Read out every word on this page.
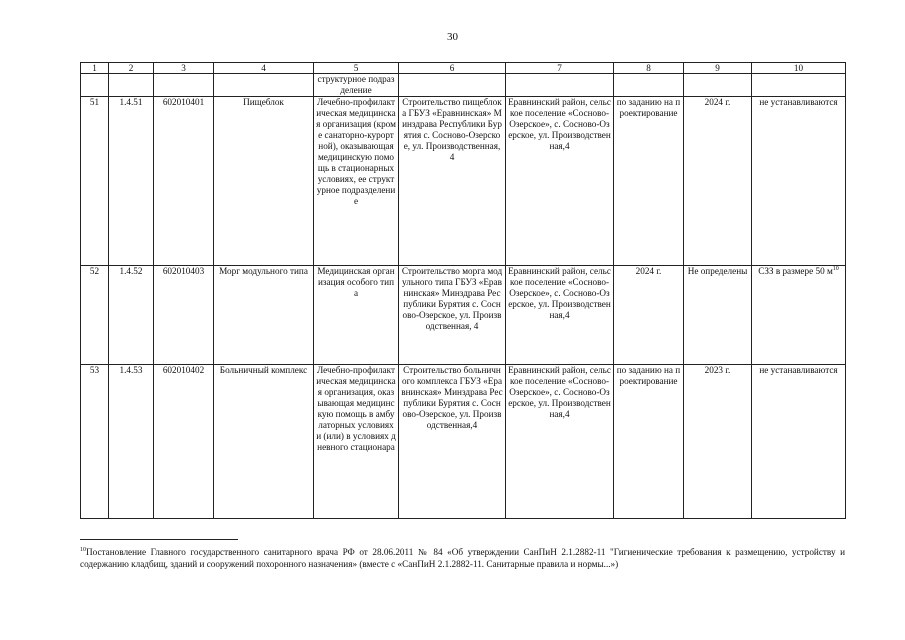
30
1	2	3	4	5	6	7	8	9	10
				структурное подразделение					
51	1.4.51	602010401	Пищеблок	Лечебно-профилактическая медицинская организация (кроме санаторно-курортной), оказывающая медицинскую помощь в стационарных условиях, ее структурное подразделение	Строительство пищеблока ГБУЗ «Еравнинская» Минздрава Республики Бурятия с. Сосново-Озерское, ул. Производственная, 4	Еравнинский район, сельское поселение «Сосново-Озерское», с. Сосново-Озерское, ул. Производственная,4	по заданию на проектирование	2024 г.	не устанавливаются
52	1.4.52	602010403	Морг модульного типа	Медицинская организация особого типа	Строительство морга модульного типа ГБУЗ «Еравнинская» Минздрава Республики Бурятия с. Сосново-Озерское, ул. Производственная, 4	Еравнинский район, сельское поселение «Сосново-Озерское», с. Сосново-Озерское, ул. Производственная,4	2024 г.	Не определены	СЗЗ в размере 50 $м^{10}$
53	1.4.53	602010402	Больничный комплекс	Лечебно-профилактическая медицинская организация, оказывающая медицинскую помощь в амбулаторных условиях и (или) в условиях дневного стационара	Строительство больничного комплекса ГБУЗ «Еравнинская» Минздрава Республики Бурятия с. Сосново-Озерское, ул. Производственная,4	Еравнинский район, сельское поселение «Сосново-Озерское», с. Сосново-Озерское, ул. Производственная,4	по заданию на проектирование	2023 г.	не устанавливаются
$^{10}$Постановление Главного государственного санитарного врача РФ от 28.06.2011 № 84 «Об утверждении СанПиН 2.1.2882-11 "Гигиенические требования к размещению, устройству и содержанию кладбищ, зданий и сооружений похоронного назначения» (вместе с «СанПиН 2.1.2882-11. Санитарные правила и нормы...»)
